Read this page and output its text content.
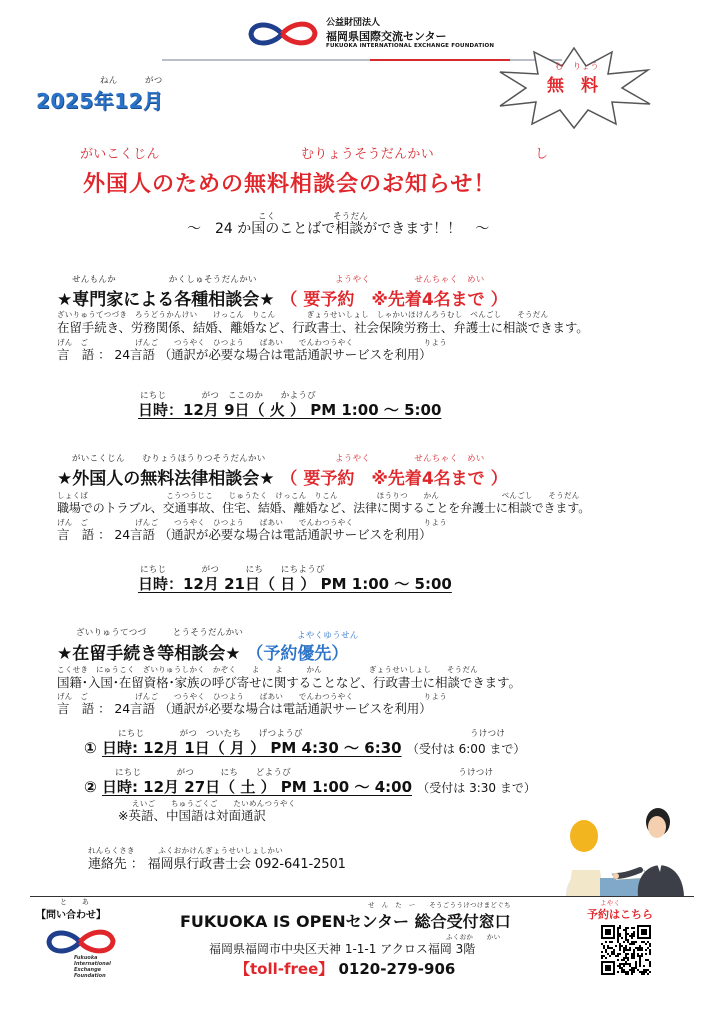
公益財団法人
福岡県国際交流センター
FUKUOKA INTERNATIONAL EXCHANGE FOUNDATION
ねん	がつ
2025年12月
む　りょう
無　料
がいこくじん	むりょうそうだんかい	し
外国人のための無料相談会のお知らせ！
こく	そうだん
～　24 か国のことばで相談ができます！！　～
せんもんか　　　　　　かくしゅそうだんかい	ようやく　　　　　せんちゃく　めい
★専門家による各種相談会★ （ 要予約　※先着4名まで ）
ざいりゅうてつづき　ろうどうかんけい　　けっこん　りこん　　　　ぎょうせいしょし　しゃかいほけんろうむし　べんごし　　そうだん
在留手続き、労務関係、結婚、離婚など、行政書士、社会保険労務士、弁護士に相談できます。
げん　ご　　　　　　げんご　　つうやく　ひつよう　　ばあい　　でんわつうやく　　　　　　　　　りよう
言　語 ： 24言語 （通訳が必要な場合は電話通訳サービスを利用）
にちじ　　　　がつ　ここのか　　かようび
日時：12月 9日（ 火 ） PM 1:00 ～ 5:00
がいこくじん　　むりょうほうりつそうだんかい	ようやく　　　　　せんちゃく　めい
★外国人の無料法律相談会★ （ 要予約　※先着4名まで ）
しょくば　　　　　　　　　　こうつうじこ　　じゅうたく　けっこん　りこん　　　　　ほうりつ　　かん　　　　　　　　べんごし　　そうだん
職場でのトラブル、交通事故、住宅、結婚、離婚など、法律に関することを弁護士に相談できます。
げん　ご　　　　　　げんご　　つうやく　ひつよう　　ばあい　　でんわつうやく　　　　　　　　　りよう
言　語 ： 24言語 （通訳が必要な場合は電話通訳サービスを利用）
にちじ　　　　がつ　　　にち　　にちようび
日時：12月 21日（ 日 ） PM 1:00 ～ 5:00
ざいりゅうてつづ　　　とうそうだんかい	よやくゆうせん
★在留手続き等相談会★ （予約優先）
こくせき　にゅうこく　ざいりゅうしかく　かぞく　　よ　　よ　　　かん　　　　　　ぎょうせいしょし　　そうだん
国籍･入国･在留資格･家族の呼び寄せに関することなど、行政書士に相談できます。
げん　ご　　　　　　げんご　　つうやく　ひつよう　　ばあい　　でんわつうやく　　　　　　　　　りよう
言　語 ： 24言語 （通訳が必要な場合は電話通訳サービスを利用）
にちじ　　　　がつ　ついたち　　げつようび　　　　　　　　　　　　　　　　　　　うけつけ
① 日時: 12月 1日（ 月 ） PM 4:30 ～ 6:30 （受付は 6:00 まで）
にちじ　　　　がつ　　　にち　　どようび　　　　　　　　　　　　　　　　　　　うけつけ
② 日時: 12月 27日（ 土 ） PM 1:00 ～ 4:00 （受付は 3:30 まで）
えいご　　ちゅうごくご　　たいめんつうやく
※英語、中国語は対面通訳
れんらくさき　　　ふくおかけんぎょうせいしょしかい
連絡先 ： 福岡県行政書士会 092-641-2501
と　　あ
【問い合わせ】
Fukuoka International Exchange Foundation
せ　ん　た　ー　　そうごううけつけまどぐち
FUKUOKA IS OPENセンター 総合受付窓口
ふくおか　　かい
福岡県福岡市中央区天神 1-1-1 アクロス福岡 3階
【toll-free】 0120-279-906
よやく
予約はこちら
